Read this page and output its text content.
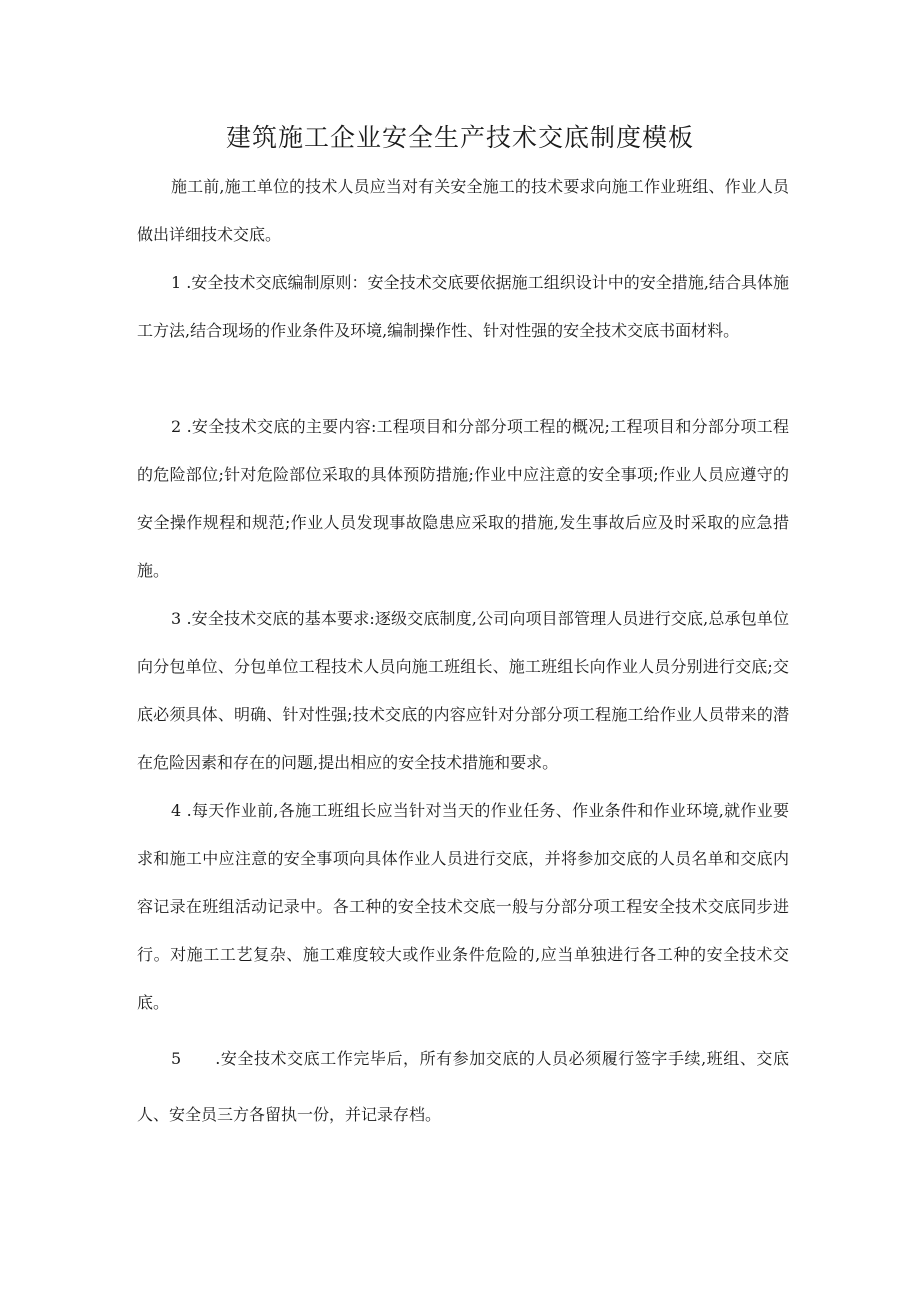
建筑施工企业安全生产技术交底制度模板

施工前,施工单位的技术人员应当对有关安全施工的技术要求向施工作业班组、作业人员做出详细技术交底。

1 .安全技术交底编制原则：安全技术交底要依据施工组织设计中的安全措施,结合具体施工方法,结合现场的作业条件及环境,编制操作性、针对性强的安全技术交底书面材料。

2 .安全技术交底的主要内容:工程项目和分部分项工程的概况;工程项目和分部分项工程的危险部位;针对危险部位采取的具体预防措施;作业中应注意的安全事项;作业人员应遵守的安全操作规程和规范;作业人员发现事故隐患应采取的措施,发生事故后应及时采取的应急措施。

3 .安全技术交底的基本要求:逐级交底制度,公司向项目部管理人员进行交底,总承包单位向分包单位、分包单位工程技术人员向施工班组长、施工班组长向作业人员分别进行交底;交底必须具体、明确、针对性强;技术交底的内容应针对分部分项工程施工给作业人员带来的潜在危险因素和存在的问题,提出相应的安全技术措施和要求。

4 .每天作业前,各施工班组长应当针对当天的作业任务、作业条件和作业环境,就作业要求和施工中应注意的安全事项向具体作业人员进行交底，并将参加交底的人员名单和交底内容记录在班组活动记录中。各工种的安全技术交底一般与分部分项工程安全技术交底同步进行。对施工工艺复杂、施工难度较大或作业条件危险的,应当单独进行各工种的安全技术交底。

5 .安全技术交底工作完毕后，所有参加交底的人员必须履行签字手续,班组、交底人、安全员三方各留执一份，并记录存档。
